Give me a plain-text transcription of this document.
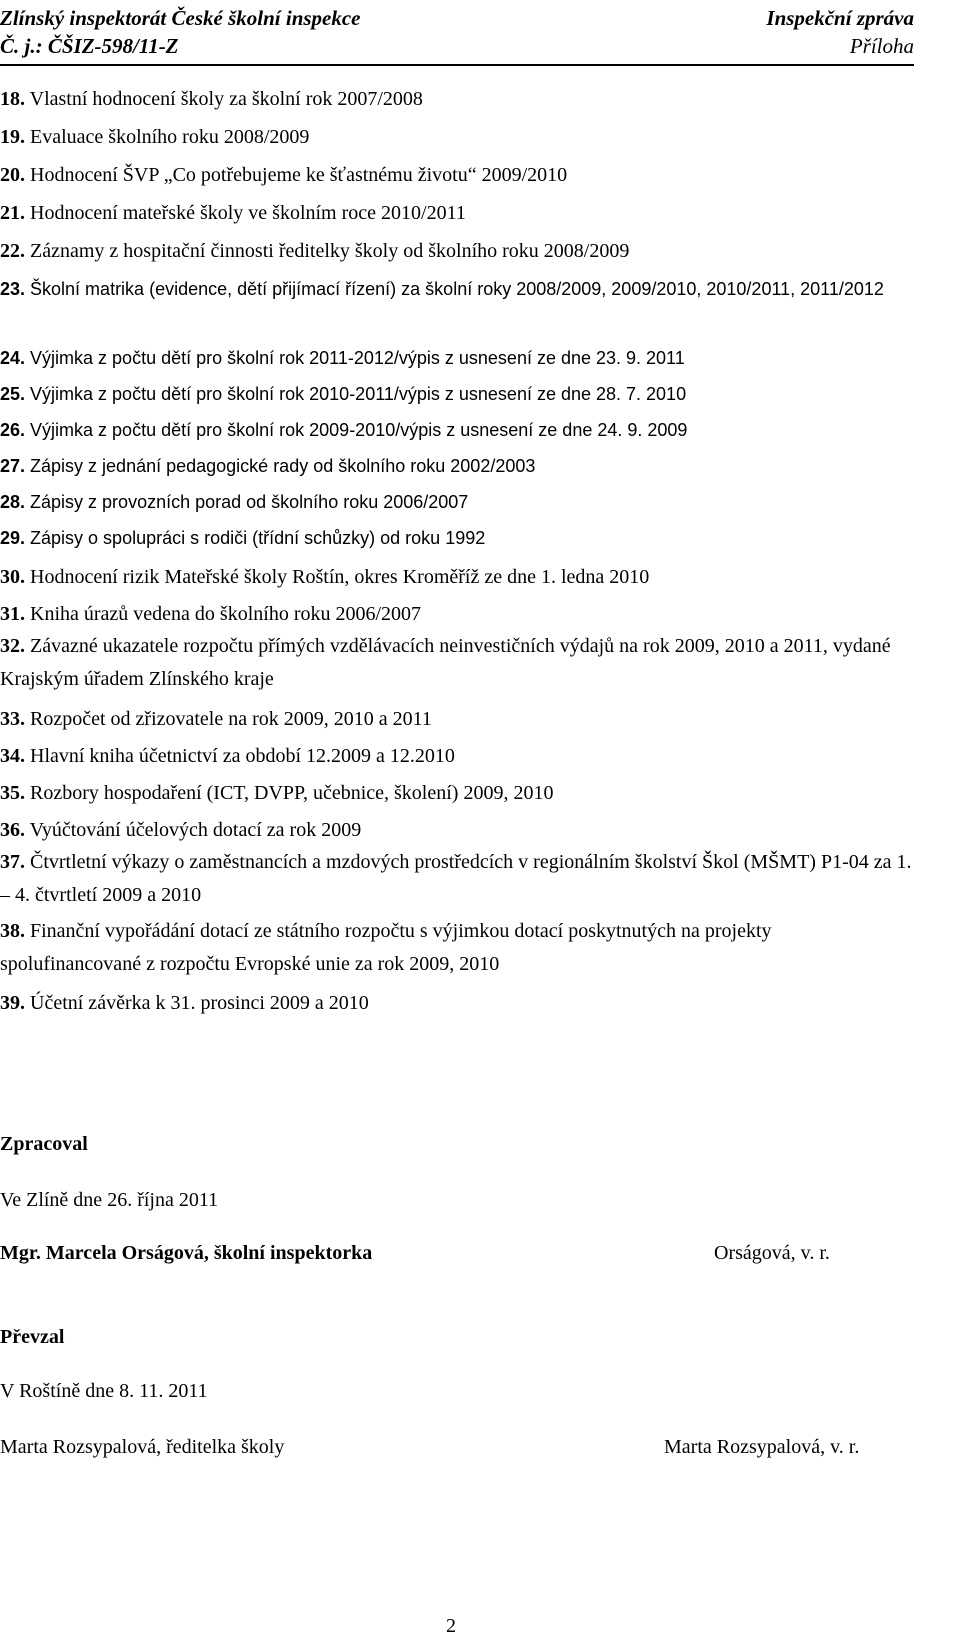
Zlínský inspektorát České školní inspekce	Inspekční zpráva
Č. j.: ČŠIZ-598/11-Z	Příloha
18. Vlastní hodnocení školy za školní rok 2007/2008
19. Evaluace školního roku 2008/2009
20. Hodnocení ŠVP „Co potřebujeme ke šťastnému životu“ 2009/2010
21. Hodnocení mateřské školy ve školním roce 2010/2011
22. Záznamy z hospitační činnosti ředitelky školy od školního roku 2008/2009
23. Školní matrika (evidence, dětí přijímací řízení) za školní roky 2008/2009, 2009/2010, 2010/2011, 2011/2012
24. Výjimka z počtu dětí pro školní rok 2011-2012/výpis z usnesení ze dne 23. 9. 2011
25. Výjimka z počtu dětí pro školní rok 2010-2011/výpis z usnesení ze dne 28. 7. 2010
26. Výjimka z počtu dětí pro školní rok 2009-2010/výpis z usnesení ze dne 24. 9. 2009
27. Zápisy z jednání pedagogické rady od školního roku 2002/2003
28. Zápisy z provozních porad od školního roku 2006/2007
29. Zápisy o spolupráci s rodiči (třídní schůzky) od roku 1992
30. Hodnocení rizik Mateřské školy Roštín, okres Kroměříž ze dne 1. ledna 2010
31. Kniha úrazů vedena do školního roku 2006/2007
32. Závazné ukazatele rozpočtu přímých vzdělávacích neinvestičních výdajů na rok 2009, 2010 a 2011, vydané Krajským úřadem Zlínského kraje
33. Rozpočet od zřizovatele na rok 2009, 2010 a 2011
34. Hlavní kniha účetnictví za období 12.2009 a 12.2010
35. Rozbory hospodaření (ICT, DVPP, učebnice, školení) 2009, 2010
36. Vyúčtování účelových dotací za rok 2009
37. Čtvrtletní výkazy o zaměstnancích a mzdových prostředcích v regionálním školství Škol (MŠMT) P1-04 za 1. – 4. čtvrtletí 2009 a 2010
38. Finanční vypořádání dotací ze státního rozpočtu s výjimkou dotací poskytnutých na projekty spolufinancované z rozpočtu Evropské unie za rok 2009, 2010
39. Účetní závěrka k 31. prosinci 2009 a 2010
Zpracoval
Ve Zlíně dne 26. října 2011
Mgr. Marcela Orságová, školní inspektorka	Orságová, v. r.
Převzal
V Roštíně dne 8. 11. 2011
Marta Rozsypalová, ředitelka školy	Marta Rozsypalová, v. r.
2
